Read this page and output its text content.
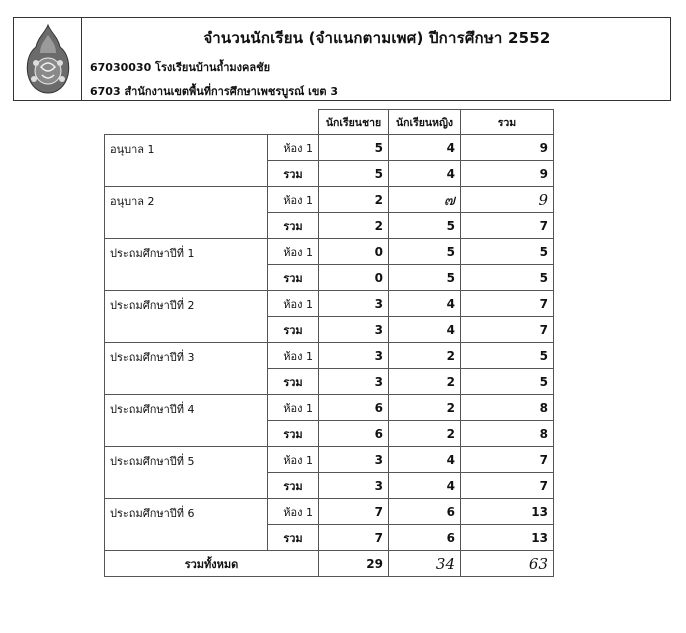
จำนวนนักเรียน (จำแนกตามเพศ) ปีการศึกษา 2552
67030030 โรงเรียนบ้านถ้ำมงคลชัย
6703 สำนักงานเขตพื้นที่การศึกษาเพชรบูรณ์ เขต 3
		นักเรียนชาย	นักเรียนหญิง	รวม
อนุบาล 1	ห้อง 1	5	4	9
	รวม	5	4	9
อนุบาล 2	ห้อง 1	2	๗	9
	รวม	2	5	7
ประถมศึกษาปีที่ 1	ห้อง 1	0	5	5
	รวม	0	5	5
ประถมศึกษาปีที่ 2	ห้อง 1	3	4	7
	รวม	3	4	7
ประถมศึกษาปีที่ 3	ห้อง 1	3	2	5
	รวม	3	2	5
ประถมศึกษาปีที่ 4	ห้อง 1	6	2	8
	รวม	6	2	8
ประถมศึกษาปีที่ 5	ห้อง 1	3	4	7
	รวม	3	4	7
ประถมศึกษาปีที่ 6	ห้อง 1	7	6	13
	รวม	7	6	13
รวมทั้งหมด		29	34	63
